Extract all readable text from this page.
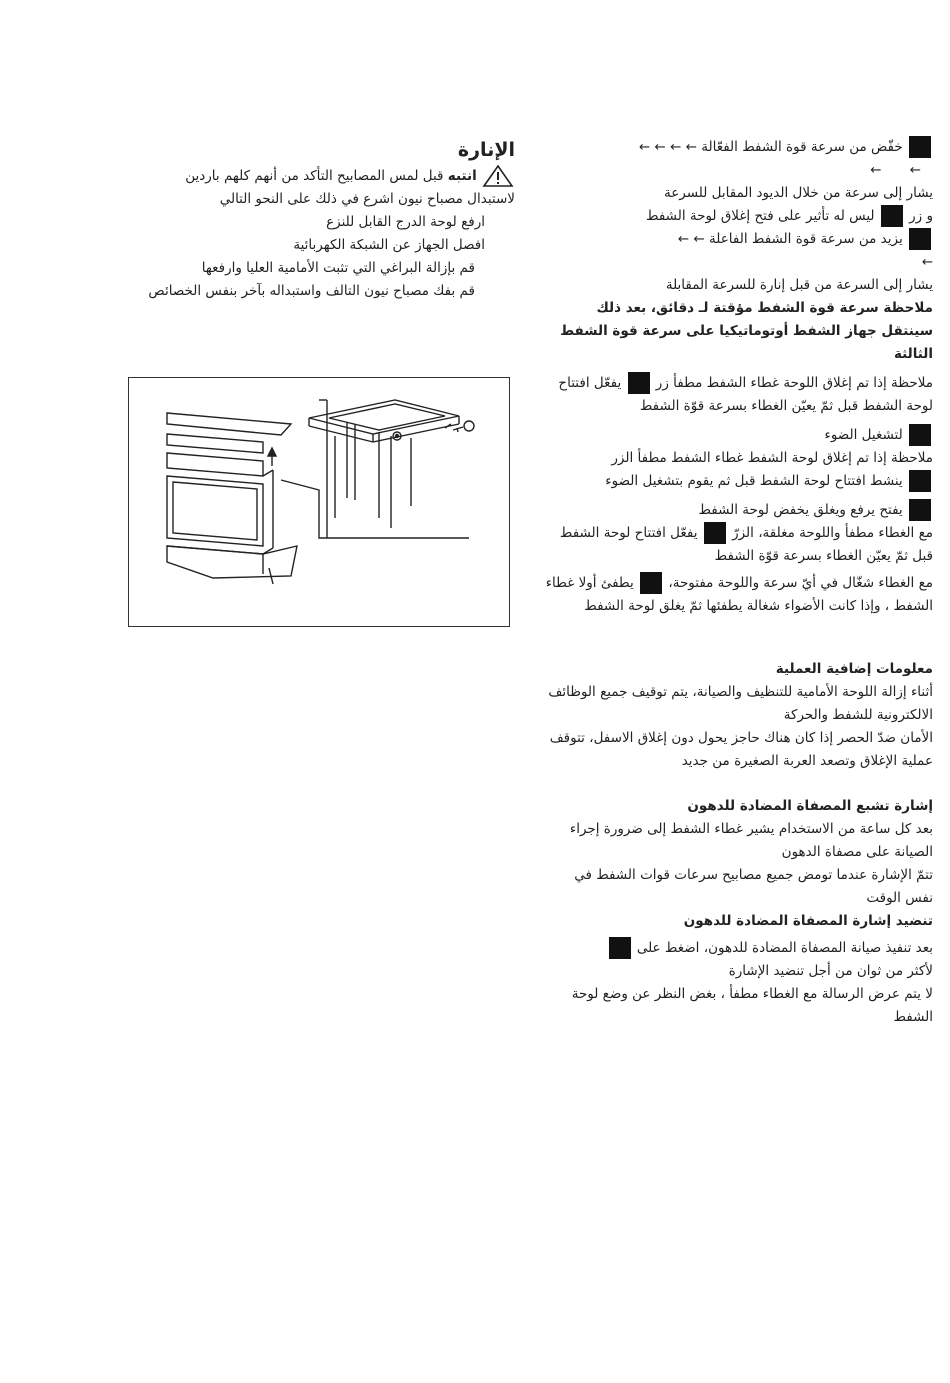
خفّض من سرعة قوة الشفط الفعّالة ← ← ← ←
← ←
يشار إلى سرعة من خلال الديود المقابل للسرعة
و زر  ليس له تأثير على فتح إغلاق لوحة الشفط
يزيد من سرعة قوة الشفط الفاعلة ← ←
←
يشار إلى السرعة من قبل إنارة للسرعة المقابلة
ملاحظة سرعة قوة الشفط مؤقتة لـ دقائق، بعد ذلك سينتقل جهاز الشفط أوتوماتيكيا على سرعة قوة الشفط الثالثة
ملاحظة إذا تم إغلاق اللوحة غطاء الشفط مطفأ زر  يفعّل افتتاح لوحة الشفط قبل ثمّ يعيّن الغطاء بسرعة قوّة الشفط
لتشغيل الضوء
ملاحظة إذا تم إغلاق لوحة الشفط غطاء الشفط مطفأ الزر
ينشط افتتاح لوحة الشفط قبل ثم يقوم بتشغيل الضوء
يفتح يرفع ويغلق يخفض لوحة الشفط
مع الغطاء مطفأ واللوحة مغلقة، الزرّ  يفعّل افتتاح لوحة الشفط قبل ثمّ يعيّن الغطاء بسرعة قوّة الشفط
مع الغطاء شغّال في أيّ سرعة واللوحة مفتوحة،  يطفئ أولا غطاء الشفط ، وإذا كانت الأضواء شغالة يطفئها ثمّ يغلق لوحة الشفط
معلومات إضافية العملية
أثناء إزالة اللوحة الأمامية للتنظيف والصيانة، يتم توقيف جميع الوظائف الالكترونية للشفط والحركة
الأمان ضدّ الحصر إذا كان هناك حاجز يحول دون إغلاق الاسفل، تتوقف عملية الإغلاق وتصعد العربة الصغيرة من جديد
إشارة تشبع المصفاة المضادة للدهون
بعد كل ساعة من الاستخدام يشير غطاء الشفط إلى ضرورة إجراء الصيانة على مصفاة الدهون
تتمّ الإشارة عندما تومض جميع مصابيح سرعات قوات الشفط في نفس الوقت
تنضيد إشارة المصفاة المضادة للدهون
بعد تنفيذ صيانة المصفاة المضادة للدهون، اضغط على
لأكثر من ثوان من أجل تنضيد الإشارة
لا يتم عرض الرسالة مع الغطاء مطفأ ، بغض النظر عن وضع لوحة الشفط
الإنارة
انتبه قبل لمس المصابيح التأكد من أنهم كلهم باردين
لاستبدال مصباح نيون اشرع في ذلك على النحو التالي
ارفع لوحة الدرج القابل للنزع
افصل الجهاز عن الشبكة الكهربائية
قم بإزالة البراغي التي تثبت الأمامية العليا وارفعها
قم بفك مصباح نيون التالف واستبداله بآخر بنفس الخصائص
